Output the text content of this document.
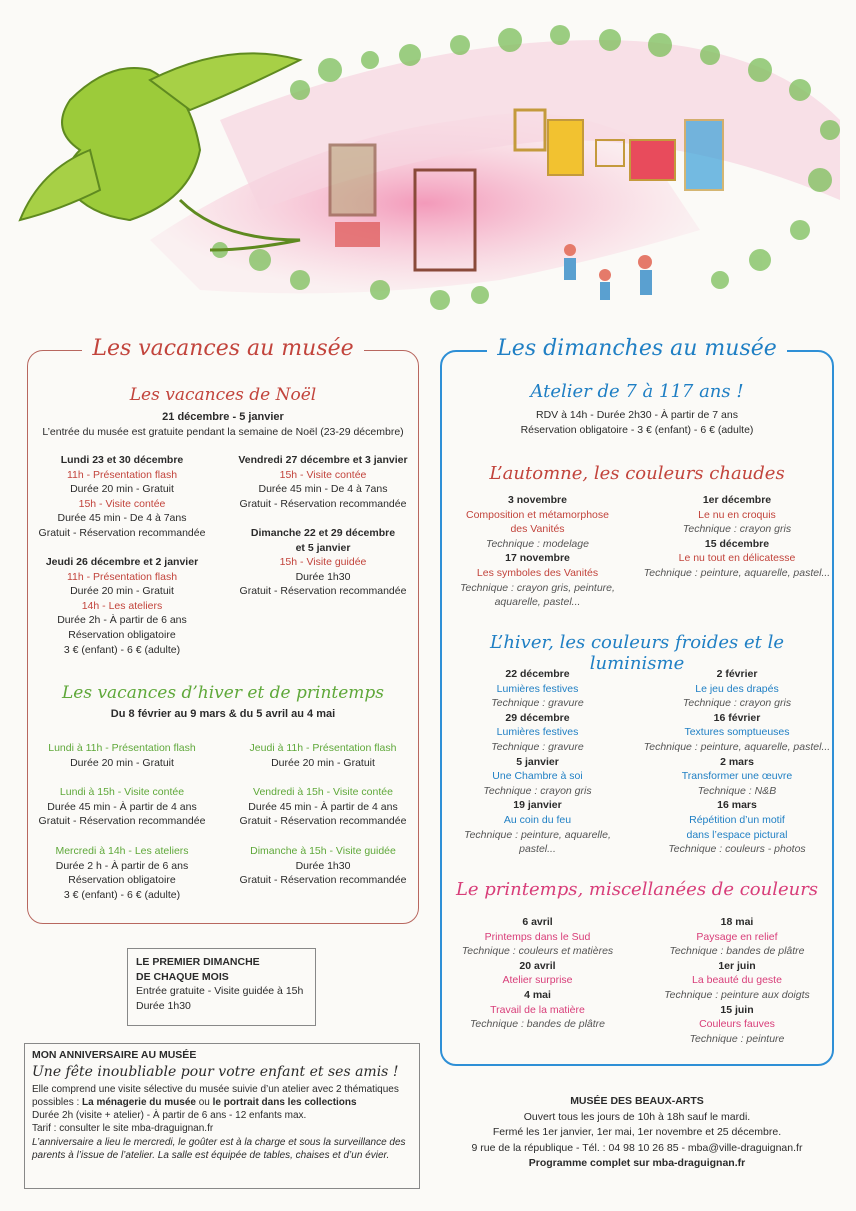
Les vacances au musée
Les vacances de Noël
21 décembre - 5 janvier
L’entrée du musée est gratuite pendant la semaine de Noël (23-29 décembre)
Lundi 23 et 30 décembre
11h - Présentation flash
Durée 20 min - Gratuit
15h - Visite contée
Durée 45 min - De 4 à 7ans
Gratuit - Réservation recommandée
Jeudi 26 décembre et 2 janvier
11h - Présentation flash
Durée 20 min - Gratuit
14h - Les ateliers
Durée 2h - À partir de 6 ans
Réservation obligatoire
3 € (enfant) - 6 € (adulte)
Vendredi 27 décembre et 3 janvier
15h - Visite contée
Durée 45 min - De 4 à 7ans
Gratuit - Réservation recommandée
Dimanche 22 et 29 décembre
et 5 janvier
15h - Visite guidée
Durée 1h30
Gratuit - Réservation recommandée
Les vacances d’hiver et de printemps
Du 8 février au 9 mars & du 5 avril au 4 mai
Lundi à 11h - Présentation flash
Durée 20 min - Gratuit
Jeudi à 11h - Présentation flash
Durée 20 min - Gratuit
Lundi à 15h - Visite contée
Durée 45 min - À partir de 4 ans
Gratuit - Réservation recommandée
Vendredi à 15h - Visite contée
Durée 45 min - À partir de 4 ans
Gratuit - Réservation recommandée
Mercredi à 14h - Les ateliers
Durée 2 h - À partir de 6 ans
Réservation obligatoire
3 € (enfant) - 6 € (adulte)
Dimanche à 15h - Visite guidée
Durée 1h30
Gratuit - Réservation recommandée
LE PREMIER DIMANCHE
DE CHAQUE MOIS
Entrée gratuite - Visite guidée à 15h
Durée 1h30
MON ANNIVERSAIRE AU MUSÉE
Une fête inoubliable pour votre enfant et ses amis !
Elle comprend une visite sélective du musée suivie d’un atelier avec 2 thématiques
possibles : La ménagerie du musée ou le portrait dans les collections
Durée 2h (visite + atelier) - À partir de 6 ans - 12 enfants max.
Tarif : consulter le site mba-draguignan.fr
L’anniversaire a lieu le mercredi, le goûter est à la charge et sous la surveillance des
parents à l’issue de l’atelier. La salle est équipée de tables, chaises et d’un évier.
Les dimanches au musée
Atelier de 7 à 117 ans !
RDV à 14h - Durée 2h30 - À partir de 7 ans
Réservation obligatoire - 3 € (enfant) - 6 € (adulte)
L’automne, les couleurs chaudes
3 novembre
Composition et métamorphose
des Vanités
Technique : modelage
17 novembre
Les symboles des Vanités
Technique : crayon gris, peinture,
aquarelle, pastel...
1er décembre
Le nu en croquis
Technique : crayon gris
15 décembre
Le nu tout en délicatesse
Technique : peinture, aquarelle, pastel...
L’hiver, les couleurs froides et le luminisme
22 décembre
Lumières festives
Technique : gravure
29 décembre
Lumières festives
Technique : gravure
5 janvier
Une Chambre à soi
Technique : crayon gris
19 janvier
Au coin du feu
Technique : peinture, aquarelle, pastel...
2 février
Le jeu des drapés
Technique : crayon gris
16 février
Textures somptueuses
Technique : peinture, aquarelle, pastel...
2 mars
Transformer une œuvre
Technique : N&B
16 mars
Répétition d’un motif
dans l’espace pictural
Technique : couleurs - photos
Le printemps, miscellanées de couleurs
6 avril
Printemps dans le Sud
Technique : couleurs et matières
20 avril
Atelier surprise
4 mai
Travail de la matière
Technique : bandes de plâtre
18 mai
Paysage en relief
Technique : bandes de plâtre
1er juin
La beauté du geste
Technique : peinture aux doigts
15 juin
Couleurs fauves
Technique : peinture
MUSÉE DES BEAUX-ARTS
Ouvert tous les jours de 10h à 18h sauf le mardi.
Fermé les 1er janvier, 1er mai, 1er novembre et 25 décembre.
9 rue de la république - Tél. : 04 98 10 26 85 - mba@ville-draguignan.fr
Programme complet sur mba-draguignan.fr
